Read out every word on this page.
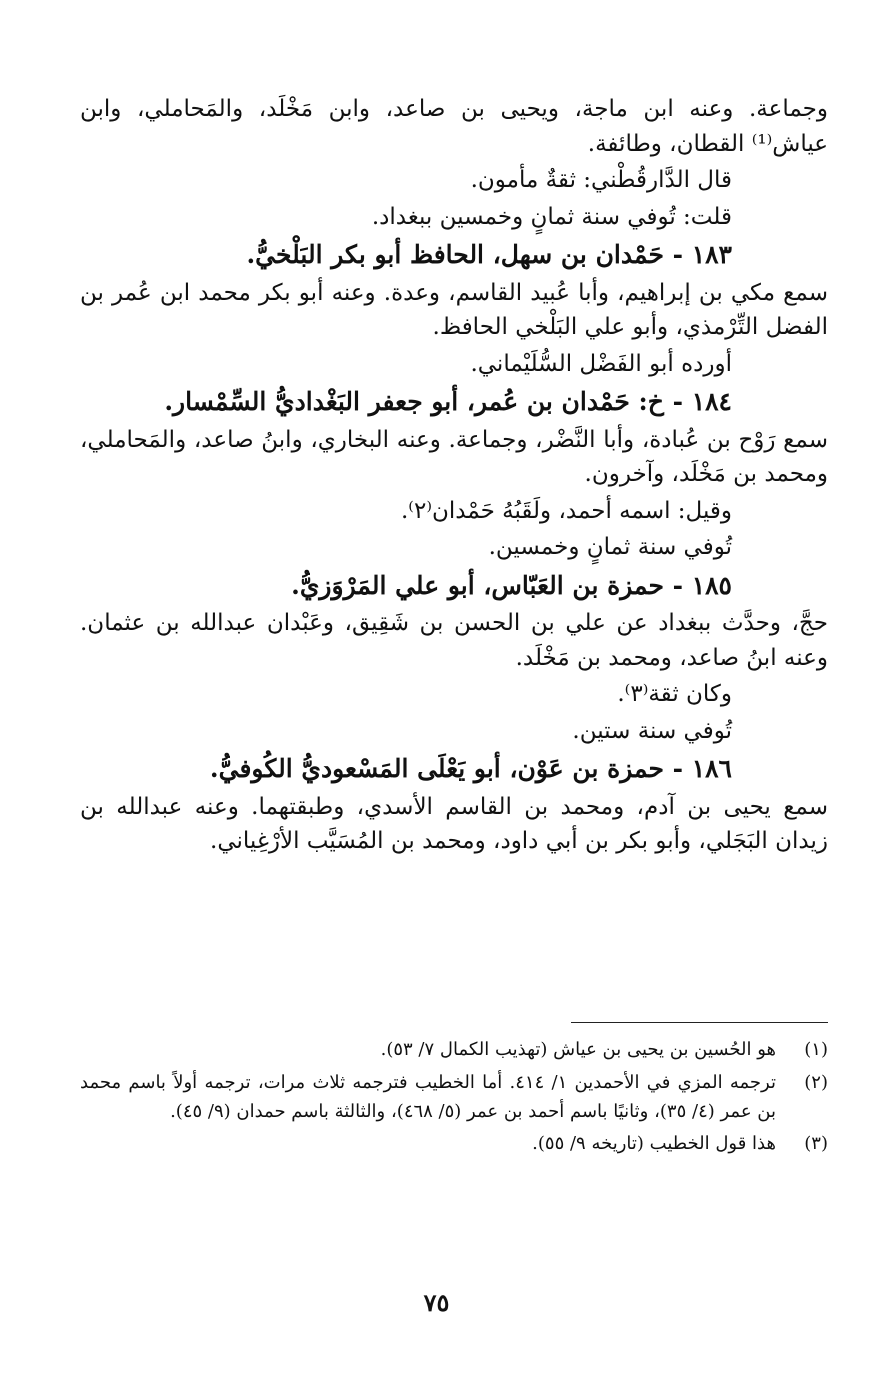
وجماعة. وعنه ابن ماجة، ويحيى بن صاعد، وابن مَخْلَد، والمَحاملي، وابن عياش⁽¹⁾ القطان، وطائفة.

قال الدَّارقُطْني: ثقةٌ مأمون.

قلت: تُوفي سنة ثمانٍ وخمسين ببغداد.

١٨٣ - حَمْدان بن سهل، الحافظ أبو بكر البَلْخيُّ.

سمع مكي بن إبراهيم، وأبا عُبيد القاسم، وعدة. وعنه أبو بكر محمد ابن عُمر بن الفضل التِّرْمذي، وأبو علي البَلْخي الحافظ.

أورده أبو الفَضْل السُّلَيْماني.

١٨٤ - خ: حَمْدان بن عُمر، أبو جعفر البَغْداديُّ السِّمْسار.

سمع رَوْح بن عُبادة، وأبا النَّضْر، وجماعة. وعنه البخاري، وابنُ صاعد، والمَحاملي، ومحمد بن مَخْلَد، وآخرون.

وقيل: اسمه أحمد، ولَقَبُهُ حَمْدان⁽٢⁾.

تُوفي سنة ثمانٍ وخمسين.

١٨٥ - حمزة بن العَبّاس، أبو علي المَرْوَزيُّ.

حجَّ، وحدَّث ببغداد عن علي بن الحسن بن شَقِيق، وعَبْدان عبدالله بن عثمان. وعنه ابنُ صاعد، ومحمد بن مَخْلَد.

وكان ثقة⁽٣⁾.

تُوفي سنة ستين.

١٨٦ - حمزة بن عَوْن، أبو يَعْلَى المَسْعوديُّ الكُوفيُّ.

سمع يحيى بن آدم، ومحمد بن القاسم الأسدي، وطبقتهما. وعنه عبدالله بن زيدان البَجَلي، وأبو بكر بن أبي داود، ومحمد بن المُسَيَّب الأرْغِياني.

(١)
هو الحُسين بن يحيى بن عياش (تهذيب الكمال ٧/ ٥٣).
(٢)
ترجمه المزي في الأحمدين ١/ ٤١٤. أما الخطيب فترجمه ثلاث مرات، ترجمه أولاً باسم محمد بن عمر (٤/ ٣٥)، وثانيًا باسم أحمد بن عمر (٥/ ٤٦٨)، والثالثة باسم حمدان (٩/ ٤٥).
(٣)
هذا قول الخطيب (تاريخه ٩/ ٥٥).
٧٥
